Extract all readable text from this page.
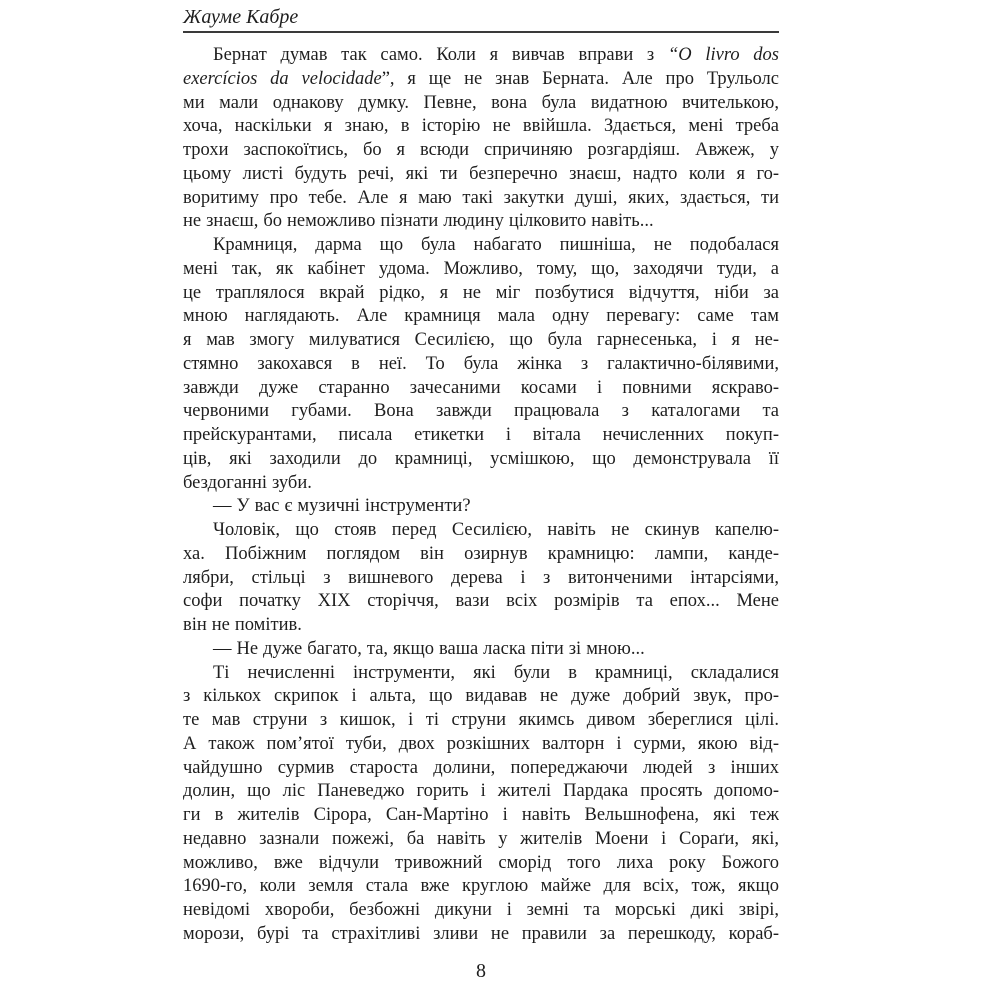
Жауме Кабре
Бернат думав так само. Коли я вивчав вправи з “O livro dos
exercícios da velocidade”, я ще не знав Берната. Але про Трульолс
ми мали однакову думку. Певне, вона була видатною вчителькою,
хоча, наскільки я знаю, в історію не ввійшла. Здається, мені треба
трохи заспокоїтись, бо я всюди спричиняю розгардіяш. Авжеж, у
цьому листі будуть речі, які ти безперечно знаєш, надто коли я го-
воритиму про тебе. Але я маю такі закутки душі, яких, здається, ти
не знаєш, бо неможливо пізнати людину цілковито навіть...
Крамниця, дарма що була набагато пишніша, не подобалася
мені так, як кабінет удома. Можливо, тому, що, заходячи туди, а
це траплялося вкрай рідко, я не міг позбутися відчуття, ніби за
мною наглядають. Але крамниця мала одну перевагу: саме там
я мав змогу милуватися Сесилією, що була гарнесенька, і я не-
стямно закохався в неї. То була жінка з галактично-білявими,
завжди дуже старанно зачесаними косами і повними яскраво-
червоними губами. Вона завжди працювала з каталогами та
прейскурантами, писала етикетки і вітала нечисленних покуп-
ців, які заходили до крамниці, усмішкою, що демонструвала її
бездоганні зуби.
— У вас є музичні інструменти?
Чоловік, що стояв перед Сесилією, навіть не скинув капелю-
ха. Побіжним поглядом він озирнув крамницю: лампи, канде-
лябри, стільці з вишневого дерева і з витонченими інтарсіями,
софи початку XIX сторіччя, вази всіх розмірів та епох... Мене
він не помітив.
— Не дуже багато, та, якщо ваша ласка піти зі мною...
Ті нечисленні інструменти, які були в крамниці, складалися
з кількох скрипок і альта, що видавав не дуже добрий звук, про-
те мав струни з кишок, і ті струни якимсь дивом збереглися цілі.
А також пом’ятої туби, двох розкішних валторн і сурми, якою від-
чайдушно сурмив староста долини, попереджаючи людей з інших
долин, що ліс Паневеджо горить і жителі Пардака просять допомо-
ги в жителів Сірора, Сан-Мартіно і навіть Вельшнофена, які теж
недавно зазнали пожежі, ба навіть у жителів Моени і Сораґи, які,
можливо, вже відчули тривожний сморід того лиха року Божого
1690-го, коли земля стала вже круглою майже для всіх, тож, якщо
невідомі хвороби, безбожні дикуни і земні та морські дикі звірі,
морози, бурі та страхітливі зливи не правили за перешкоду, кораб-
8
